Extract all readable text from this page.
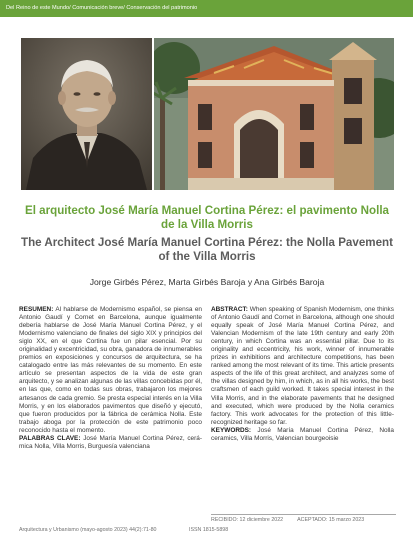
Del Reino de este Mundo/ Comunicación breve/ Conservación del patrimonio
El arquitecto José María Manuel Cortina Pérez: el pavimento Nolla de la Villa Morris
The Architect José María Manuel Cortina Pérez: the Nolla Pavement of the Villa Morris

Jorge Girbés Pérez, Marta Girbés Baroja y Ana Girbés Baroja

RESUMEN: Al hablarse de Modernismo español, se piensa en Antonio Gaudí y Cornet en Barcelona, aunque igualmente debería hablarse de José María Manuel Cortina Pérez, y el Modernismo valenciano de finales del siglo XIX y principios del siglo XX, en el que Cortina fue un pilar esencial. Por su originalidad y excentricidad, su obra, ganadora de innumerables premios en exposiciones y concursos de arquitectura, se ha catalogado entre las más relevantes de su momento. En este artículo se presentan aspectos de la vida de este gran arquitecto, y se analizan algunas de las villas concebidas por él, en las que, como en todas sus obras, trabajaron los mejores artesanos de cada gremio. Se presta especial interés en la Villa Morris, y en los elaborados pavimentos que diseñó y ejecutó, que fueron producidos por la fábrica de cerámica Nolla. Este trabajo aboga por la protección de este patrimonio poco reconocido hasta el momento.

PALABRAS CLAVE: José María Manuel Cortina Pérez, cerá-mica Nolla, Villa Morris, Burguesía valenciana

ABSTRACT: When speaking of Spanish Modernism, one thinks of Antonio Gaudí and Cornet in Barcelona, although one should equally speak of José María Manuel Cortina Pérez, and Valencian Modernism of the late 19th century and early 20th century, in which Cortina was an essential pillar. Due to its originality and eccentricity, his work, winner of innumerable prizes in exhibitions and architecture competitions, has been ranked among the most relevant of its time. This article presents aspects of the life of this great architect, and analyzes some of the villas designed by him, in which, as in all his works, the best craftsmen of each guild worked. It takes special interest in the Villa Morris, and in the elaborate pavements that he designed and executed, which were produced by the Nolla ceramics factory. This work advocates for the protection of this little-recognized heritage so far.

KEYWORDS: José María Manuel Cortina Pérez, Nolla ceramics, Villa Morris, Valencian bourgeoisie

RECIBIDO: 12 diciembre 2022	ACEPTADO: 15 marzo 2023
Arquitectura y Urbanismo (mayo-agosto 2023) 44(2):71-80	ISSN 1815-5898
